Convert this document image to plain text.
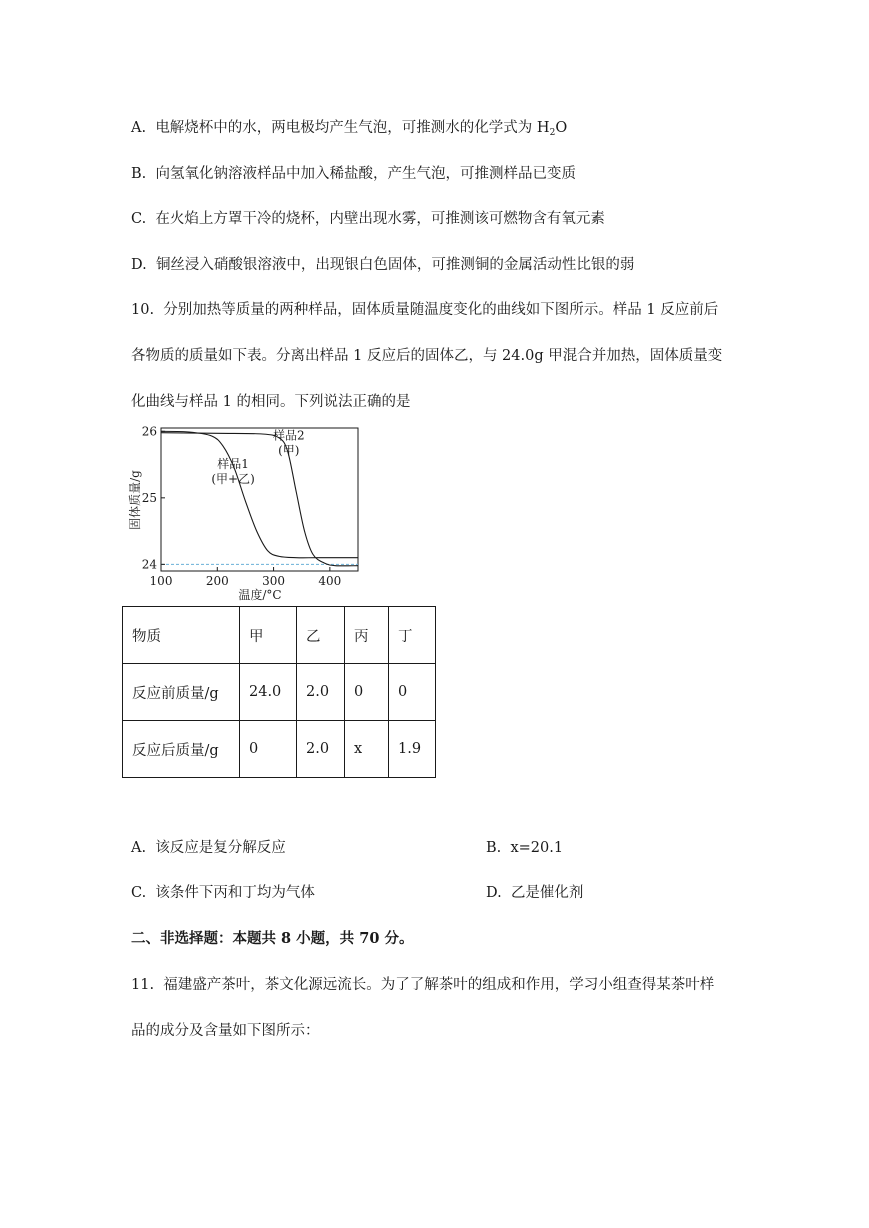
A. 电解烧杯中的水，两电极均产生气泡，可推测水的化学式为 $H_2O$
B. 向氢氧化钠溶液样品中加入稀盐酸，产生气泡，可推测样品已变质
C. 在火焰上方罩干冷的烧杯，内壁出现水雾，可推测该可燃物含有氧元素
D. 铜丝浸入硝酸银溶液中，出现银白色固体，可推测铜的金属活动性比银的弱
10. 分别加热等质量的两种样品，固体质量随温度变化的曲线如下图所示。样品 1 反应前后
各物质的质量如下表。分离出样品 1 反应后的固体乙，与 24.0g 甲混合并加热，固体质量变
化曲线与样品 1 的相同。下列说法正确的是
100	200	300	400
26
25
24
样品1
(甲+乙)
样品2
(甲)
温度/°C
固体质量/g
物质	甲	乙	丙	丁
反应前质量/g	24.0	2.0	0	0
反应后质量/g	0	2.0	x	1.9
A. 该反应是复分解反应	B. x=20.1
C. 该条件下丙和丁均为气体	D. 乙是催化剂
二、非选择题：本题共 8 小题，共 70 分。
11. 福建盛产茶叶，茶文化源远流长。为了了解茶叶的组成和作用，学习小组查得某茶叶样
品的成分及含量如下图所示：
